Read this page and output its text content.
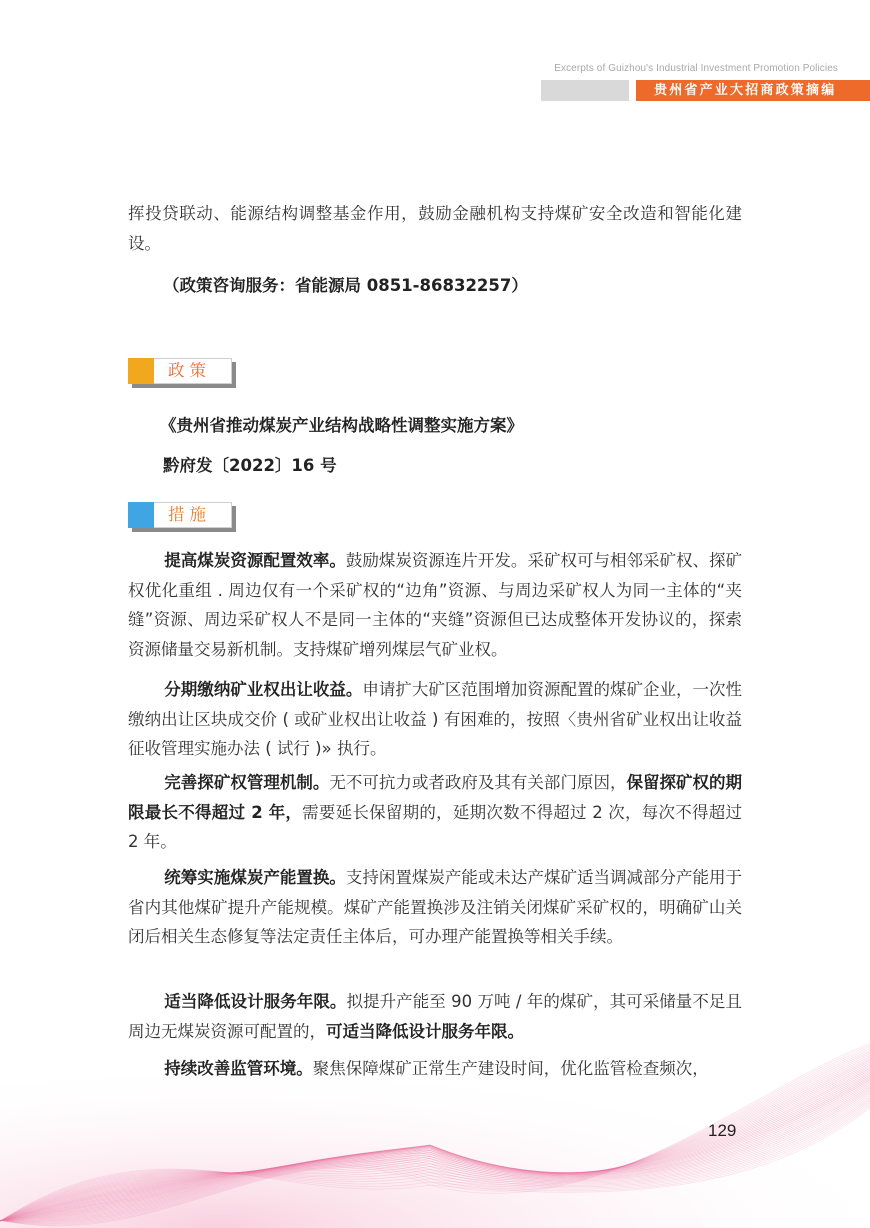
Excerpts of Guizhou's Industrial Investment Promotion Policies
贵州省产业大招商政策摘编

挥投贷联动、能源结构调整基金作用，鼓励金融机构支持煤矿安全改造和智能化建设。

（政策咨询服务：省能源局 0851-86832257）

政策

《贵州省推动煤炭产业结构战略性调整实施方案》

黔府发〔2022〕16 号

措施

提高煤炭资源配置效率。鼓励煤炭资源连片开发。采矿权可与相邻采矿权、探矿权优化重组 . 周边仅有一个采矿权的“边角”资源、与周边采矿权人为同一主体的“夹缝”资源、周边采矿权人不是同一主体的“夹缝”资源但已达成整体开发协议的，探索资源储量交易新机制。支持煤矿增列煤层气矿业权。

分期缴纳矿业权出让收益。申请扩大矿区范围增加资源配置的煤矿企业，一次性缴纳出让区块成交价 ( 或矿业权出让收益 ) 有困难的，按照〈贵州省矿业权出让收益征收管理实施办法 ( 试行 )» 执行。

完善探矿权管理机制。无不可抗力或者政府及其有关部门原因，保留探矿权的期限最长不得超过 2 年，需要延长保留期的，延期次数不得超过 2 次，每次不得超过 2 年。

统筹实施煤炭产能置换。支持闲置煤炭产能或未达产煤矿适当调减部分产能用于省内其他煤矿提升产能规模。煤矿产能置换涉及注销关闭煤矿采矿权的，明确矿山关闭后相关生态修复等法定责任主体后，可办理产能置换等相关手续。

适当降低设计服务年限。拟提升产能至 90 万吨 / 年的煤矿，其可采储量不足且周边无煤炭资源可配置的，可适当降低设计服务年限。

持续改善监管环境。聚焦保障煤矿正常生产建设时间，优化监管检查频次，

129
